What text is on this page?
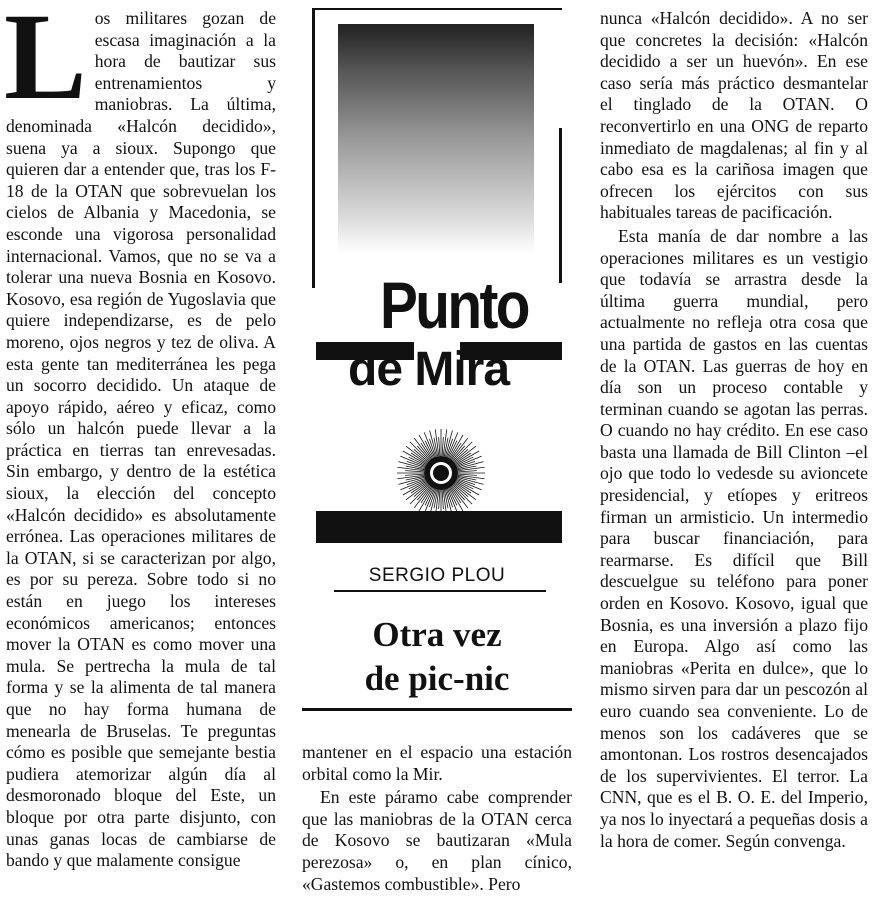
Los militares gozan de escasa imaginación a la hora de bautizar sus entrenamientos y maniobras. La última, denominada «Halcón decidido», suena ya a sioux. Supongo que quieren dar a entender que, tras los F-18 de la OTAN que sobrevuelan los cielos de Albania y Macedonia, se esconde una vigorosa personalidad internacional. Vamos, que no se va a tolerar una nueva Bosnia en Kosovo. Kosovo, esa región de Yugoslavia que quiere independizarse, es de pelo moreno, ojos negros y tez de oliva. A esta gente tan mediterránea les pega un socorro decidido. Un ataque de apoyo rápido, aéreo y eficaz, como sólo un halcón puede llevar a la práctica en tierras tan enrevesadas. Sin embargo, y dentro de la estética sioux, la elección del concepto «Halcón decidido» es absolutamente errónea. Las operaciones militares de la OTAN, si se caracterizan por algo, es por su pereza. Sobre todo si no están en juego los intereses económicos americanos; entonces mover la OTAN es como mover una mula. Se pertrecha la mula de tal forma y se la alimenta de tal manera que no hay forma humana de menearla de Bruselas. Te preguntas cómo es posible que semejante bestia pudiera atemorizar algún día al desmoronado bloque del Este, un bloque por otra parte disjunto, con unas ganas locas de cambiarse de bando y que malamente consigue

Punto
de Mira
SERGIO PLOU
Otra vez
de pic-nic

mantener en el espacio una estación orbital como la Mir.

En este páramo cabe comprender que las maniobras de la OTAN cerca de Kosovo se bautizaran «Mula perezosa» o, en plan cínico, «Gastemos combustible». Pero

nunca «Halcón decidido». A no ser que concretes la decisión: «Halcón decidido a ser un huevón». En ese caso sería más práctico desmantelar el tinglado de la OTAN. O reconvertirlo en una ONG de reparto inmediato de magdalenas; al fin y al cabo esa es la cariñosa imagen que ofrecen los ejércitos con sus habituales tareas de pacificación.

Esta manía de dar nombre a las operaciones militares es un vestigio que todavía se arrastra desde la última guerra mundial, pero actualmente no refleja otra cosa que una partida de gastos en las cuentas de la OTAN. Las guerras de hoy en día son un proceso contable y terminan cuando se agotan las perras. O cuando no hay crédito. En ese caso basta una llamada de Bill Clinton –el ojo que todo lo vedesde su avioncete presidencial, y etíopes y eritreos firman un armisticio. Un intermedio para buscar financiación, para rearmarse. Es difícil que Bill descuelgue su teléfono para poner orden en Kosovo. Kosovo, igual que Bosnia, es una inversión a plazo fijo en Europa. Algo así como las maniobras «Perita en dulce», que lo mismo sirven para dar un pescozón al euro cuando sea conveniente. Lo de menos son los cadáveres que se amontonan. Los rostros desencajados de los supervivientes. El terror. La CNN, que es el B. O. E. del Imperio, ya nos lo inyectará a pequeñas dosis a la hora de comer. Según convenga.
